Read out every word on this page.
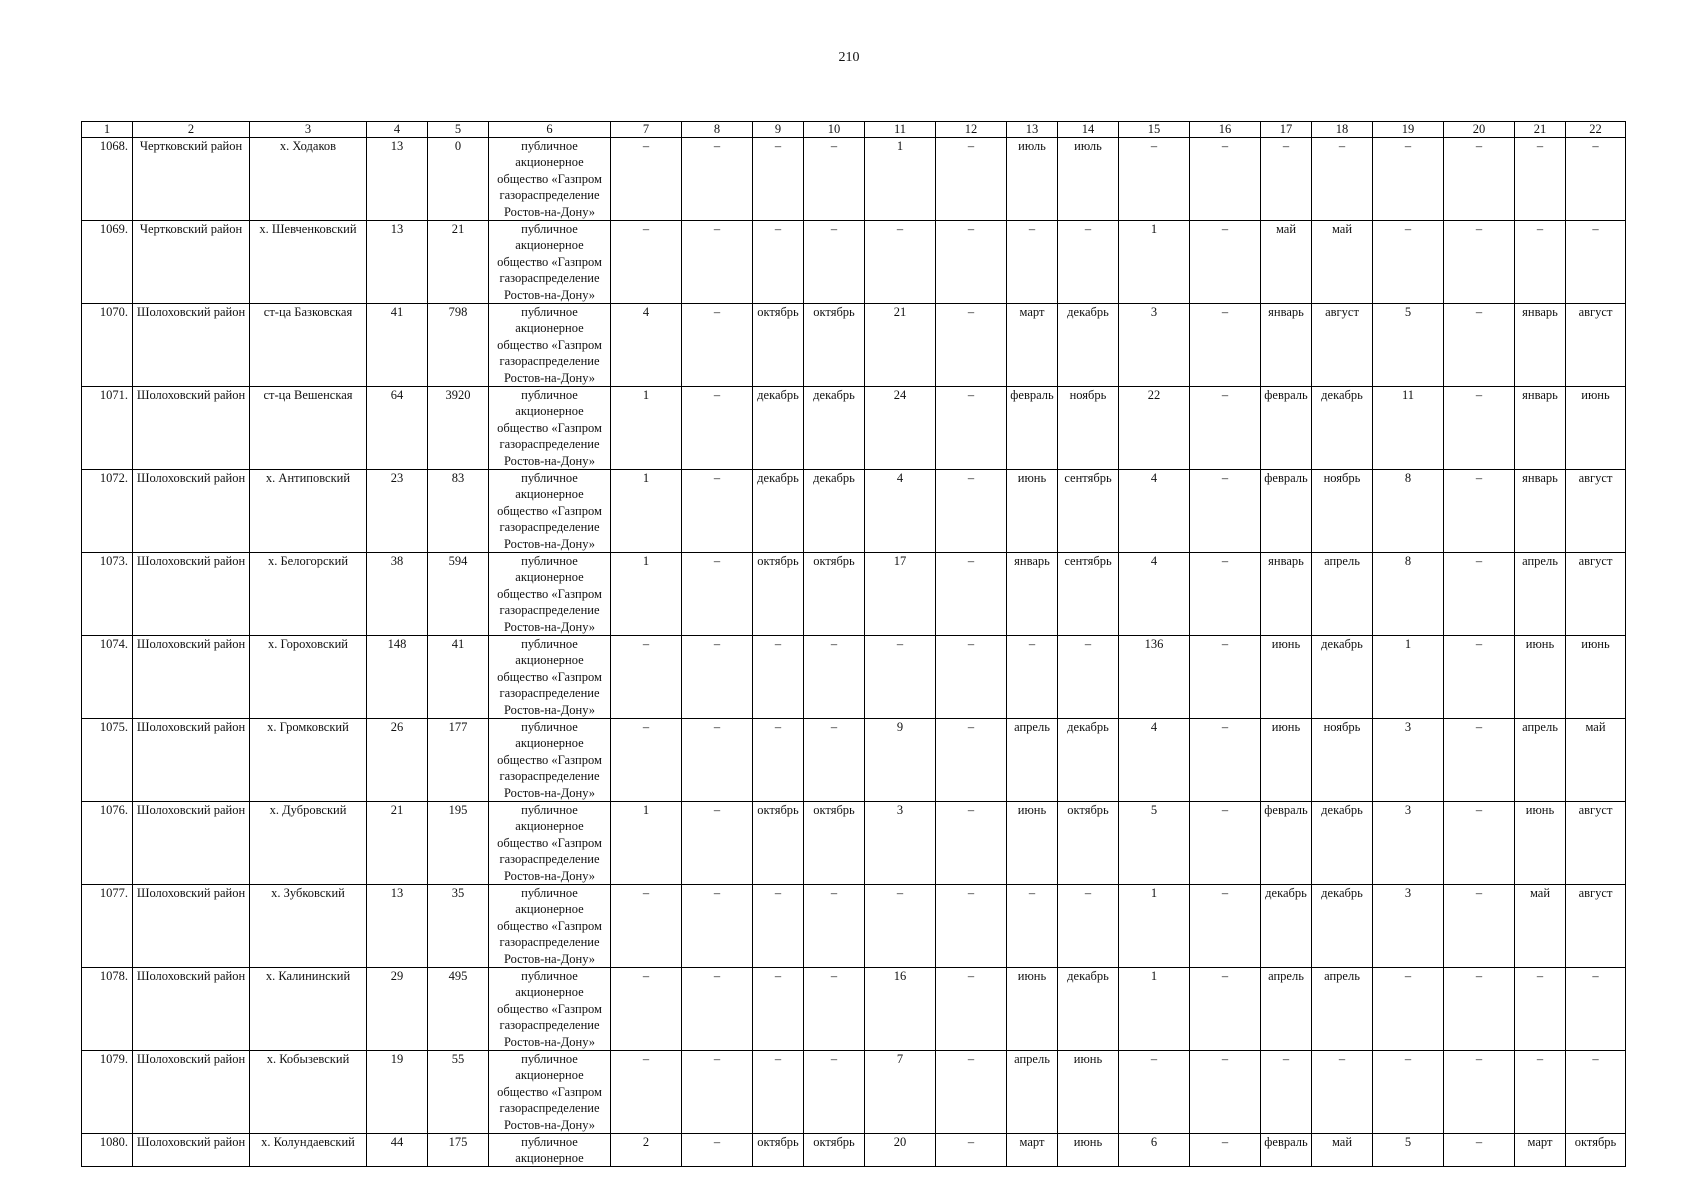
210
1	2	3	4	5	6	7	8	9	10	11	12	13	14	15	16	17	18	19	20	21	22
1068.	Чертковский район	х. Ходаков	13	0	публичное акционерное общество «Газпром газораспределение Ростов-на-Дону»	–	–	–	–	1	–	июль	июль	–	–	–	–	–	–	–	–
1069.	Чертковский район	х. Шевченковский	13	21	публичное акционерное общество «Газпром газораспределение Ростов-на-Дону»	–	–	–	–	–	–	–	–	1	–	май	май	–	–	–	–
1070.	Шолоховский район	ст-ца Базковская	41	798	публичное акционерное общество «Газпром газораспределение Ростов-на-Дону»	4	–	октябрь	октябрь	21	–	март	декабрь	3	–	январь	август	5	–	январь	август
1071.	Шолоховский район	ст-ца Вешенская	64	3920	публичное акционерное общество «Газпром газораспределение Ростов-на-Дону»	1	–	декабрь	декабрь	24	–	февраль	ноябрь	22	–	февраль	декабрь	11	–	январь	июнь
1072.	Шолоховский район	х. Антиповский	23	83	публичное акционерное общество «Газпром газораспределение Ростов-на-Дону»	1	–	декабрь	декабрь	4	–	июнь	сентябрь	4	–	февраль	ноябрь	8	–	январь	август
1073.	Шолоховский район	х. Белогорский	38	594	публичное акционерное общество «Газпром газораспределение Ростов-на-Дону»	1	–	октябрь	октябрь	17	–	январь	сентябрь	4	–	январь	апрель	8	–	апрель	август
1074.	Шолоховский район	х. Гороховский	148	41	публичное акционерное общество «Газпром газораспределение Ростов-на-Дону»	–	–	–	–	–	–	–	–	136	–	июнь	декабрь	1	–	июнь	июнь
1075.	Шолоховский район	х. Громковский	26	177	публичное акционерное общество «Газпром газораспределение Ростов-на-Дону»	–	–	–	–	9	–	апрель	декабрь	4	–	июнь	ноябрь	3	–	апрель	май
1076.	Шолоховский район	х. Дубровский	21	195	публичное акционерное общество «Газпром газораспределение Ростов-на-Дону»	1	–	октябрь	октябрь	3	–	июнь	октябрь	5	–	февраль	декабрь	3	–	июнь	август
1077.	Шолоховский район	х. Зубковский	13	35	публичное акционерное общество «Газпром газораспределение Ростов-на-Дону»	–	–	–	–	–	–	–	–	1	–	декабрь	декабрь	3	–	май	август
1078.	Шолоховский район	х. Калининский	29	495	публичное акционерное общество «Газпром газораспределение Ростов-на-Дону»	–	–	–	–	16	–	июнь	декабрь	1	–	апрель	апрель	–	–	–	–
1079.	Шолоховский район	х. Кобызевский	19	55	публичное акционерное общество «Газпром газораспределение Ростов-на-Дону»	–	–	–	–	7	–	апрель	июнь	–	–	–	–	–	–	–	–
1080.	Шолоховский район	х. Колундаевский	44	175	публичное акционерное	2	–	октябрь	октябрь	20	–	март	июнь	6	–	февраль	май	5	–	март	октябрь
